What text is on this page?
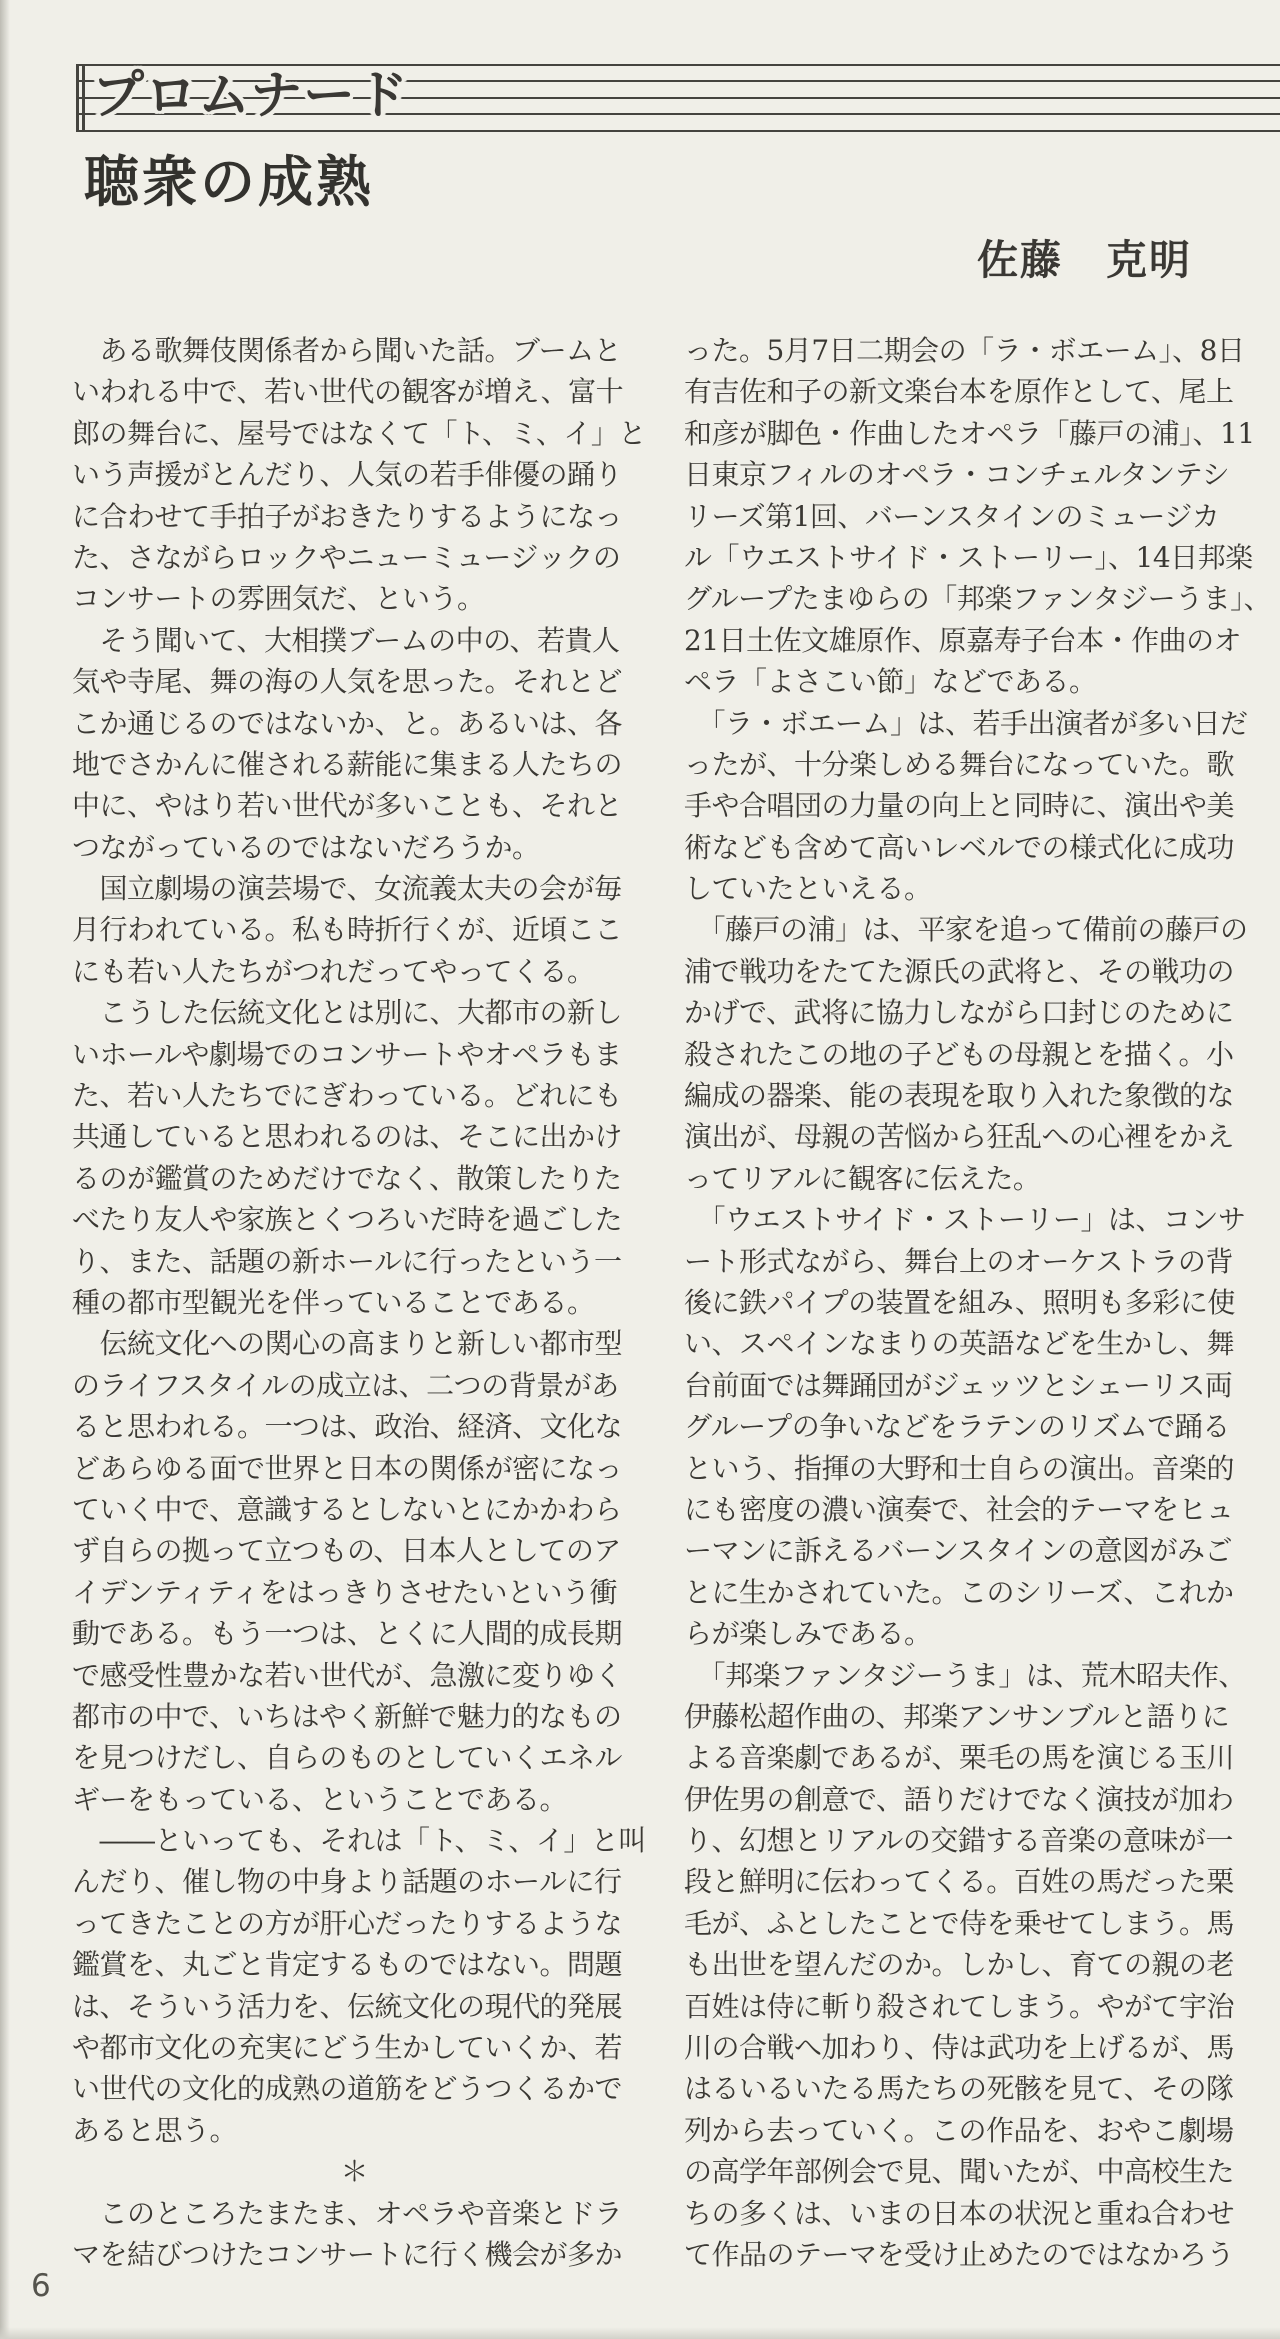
プロムナード
聴衆の成熟
佐藤　克明
　ある歌舞伎関係者から聞いた話。ブームと
いわれる中で、若い世代の観客が増え、富十
郎の舞台に、屋号ではなくて「ト、ミ、イ」と
いう声援がとんだり、人気の若手俳優の踊り
に合わせて手拍子がおきたりするようになっ
た、さながらロックやニューミュージックの
コンサートの雰囲気だ、という。
　そう聞いて、大相撲ブームの中の、若貴人
気や寺尾、舞の海の人気を思った。それとど
こか通じるのではないか、と。あるいは、各
地でさかんに催される薪能に集まる人たちの
中に、やはり若い世代が多いことも、それと
つながっているのではないだろうか。
　国立劇場の演芸場で、女流義太夫の会が毎
月行われている。私も時折行くが、近頃ここ
にも若い人たちがつれだってやってくる。
　こうした伝統文化とは別に、大都市の新し
いホールや劇場でのコンサートやオペラもま
た、若い人たちでにぎわっている。どれにも
共通していると思われるのは、そこに出かけ
るのが鑑賞のためだけでなく、散策したりた
べたり友人や家族とくつろいだ時を過ごした
り、また、話題の新ホールに行ったという一
種の都市型観光を伴っていることである。
　伝統文化への関心の高まりと新しい都市型
のライフスタイルの成立は、二つの背景があ
ると思われる。一つは、政治、経済、文化な
どあらゆる面で世界と日本の関係が密になっ
ていく中で、意識するとしないとにかかわら
ず自らの拠って立つもの、日本人としてのア
イデンティティをはっきりさせたいという衝
動である。もう一つは、とくに人間的成長期
で感受性豊かな若い世代が、急激に変りゆく
都市の中で、いちはやく新鮮で魅力的なもの
を見つけだし、自らのものとしていくエネル
ギーをもっている、ということである。
　――といっても、それは「ト、ミ、イ」と叫
んだり、催し物の中身より話題のホールに行
ってきたことの方が肝心だったりするような
鑑賞を、丸ごと肯定するものではない。問題
は、そういう活力を、伝統文化の現代的発展
や都市文化の充実にどう生かしていくか、若
い世代の文化的成熟の道筋をどうつくるかで
あると思う。
＊
　このところたまたま、オペラや音楽とドラ
マを結びつけたコンサートに行く機会が多か
った。5月7日二期会の「ラ・ボエーム」、8日
有吉佐和子の新文楽台本を原作として、尾上
和彦が脚色・作曲したオペラ「藤戸の浦」、11
日東京フィルのオペラ・コンチェルタンテシ
リーズ第1回、バーンスタインのミュージカ
ル「ウエストサイド・ストーリー」、14日邦楽
グループたまゆらの「邦楽ファンタジーうま」、
21日土佐文雄原作、原嘉寿子台本・作曲のオ
ペラ「よさこい節」などである。
　「ラ・ボエーム」は、若手出演者が多い日だ
ったが、十分楽しめる舞台になっていた。歌
手や合唱団の力量の向上と同時に、演出や美
術なども含めて高いレベルでの様式化に成功
していたといえる。
　「藤戸の浦」は、平家を追って備前の藤戸の
浦で戦功をたてた源氏の武将と、その戦功の
かげで、武将に協力しながら口封じのために
殺されたこの地の子どもの母親とを描く。小
編成の器楽、能の表現を取り入れた象徴的な
演出が、母親の苦悩から狂乱への心裡をかえ
ってリアルに観客に伝えた。
　「ウエストサイド・ストーリー」は、コンサ
ート形式ながら、舞台上のオーケストラの背
後に鉄パイプの装置を組み、照明も多彩に使
い、スペインなまりの英語などを生かし、舞
台前面では舞踊団がジェッツとシェーリス両
グループの争いなどをラテンのリズムで踊る
という、指揮の大野和士自らの演出。音楽的
にも密度の濃い演奏で、社会的テーマをヒュ
ーマンに訴えるバーンスタインの意図がみご
とに生かされていた。このシリーズ、これか
らが楽しみである。
　「邦楽ファンタジーうま」は、荒木昭夫作、
伊藤松超作曲の、邦楽アンサンブルと語りに
よる音楽劇であるが、栗毛の馬を演じる玉川
伊佐男の創意で、語りだけでなく演技が加わ
り、幻想とリアルの交錯する音楽の意味が一
段と鮮明に伝わってくる。百姓の馬だった栗
毛が、ふとしたことで侍を乗せてしまう。馬
も出世を望んだのか。しかし、育ての親の老
百姓は侍に斬り殺されてしまう。やがて宇治
川の合戦へ加わり、侍は武功を上げるが、馬
はるいるいたる馬たちの死骸を見て、その隊
列から去っていく。この作品を、おやこ劇場
の高学年部例会で見、聞いたが、中高校生た
ちの多くは、いまの日本の状況と重ね合わせ
て作品のテーマを受け止めたのではなかろう
6
